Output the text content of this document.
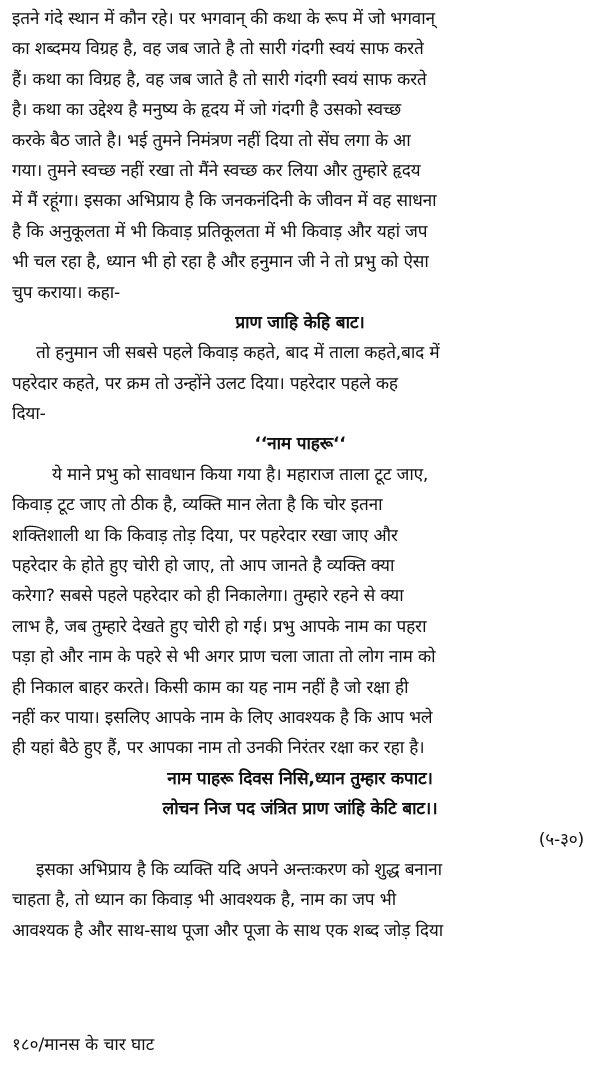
इतने गंदे स्थान में कौन रहे। पर भगवान् की कथा के रूप में जो भगवान्
का शब्दमय विग्रह है, वह जब जाते है तो सारी गंदगी स्वयं साफ करते
हैं। कथा का विग्रह है, वह जब जाते है तो सारी गंदगी स्वयं साफ करते
है। कथा का उद्देश्य है मनुष्य के हृदय में जो गंदगी है उसको स्वच्छ
करके बैठ जाते है। भई तुमने निमंत्रण नहीं दिया तो सेंघ लगा के आ
गया। तुमने स्वच्छ नहीं रखा तो मैंने स्वच्छ कर लिया और तुम्हारे हृदय
में मैं रहूंगा। इसका अभिप्राय है कि जनकनंदिनी के जीवन में वह साधना
है कि अनुकूलता में भी किवाड़ प्रतिकूलता में भी किवाड़ और यहां जप
भी चल रहा है, ध्यान भी हो रहा है और हनुमान जी ने तो प्रभु को ऐसा
चुप कराया। कहा-
प्राण जाहि केहि बाट।
तो हनुमान जी सबसे पहले किवाड़ कहते, बाद में ताला कहते,बाद में
पहरेदार कहते, पर क्रम तो उन्होंने उलट दिया। पहरेदार पहले कह
दिया-
‘‘नाम पाहरू‘‘
ये माने प्रभु को सावधान किया गया है। महाराज ताला टूट जाए,
किवाड़ टूट जाए तो ठीक है, व्यक्ति मान लेता है कि चोर इतना
शक्तिशाली था कि किवाड़ तोड़ दिया, पर पहरेदार रखा जाए और
पहरेदार के होते हुए चोरी हो जाए, तो आप जानते है व्यक्ति क्या
करेगा? सबसे पहले पहरेदार को ही निकालेगा। तुम्हारे रहने से क्या
लाभ है, जब तुम्हारे देखते हुए चोरी हो गई। प्रभु आपके नाम का पहरा
पड़ा हो और नाम के पहरे से भी अगर प्राण चला जाता तो लोग नाम को
ही निकाल बाहर करते। किसी काम का यह नाम नहीं है जो रक्षा ही
नहीं कर पाया। इसलिए आपके नाम के लिए आवश्यक है कि आप भले
ही यहां बैठे हुए हैं, पर आपका नाम तो उनकी निरंतर रक्षा कर रहा है।
नाम पाहरू दिवस निसि,ध्यान तुम्हार कपाट।
लोचन निज पद जंत्रित प्राण जांहि केटि बाट।।
(५-३०)
इसका अभिप्राय है कि व्यक्ति यदि अपने अन्तःकरण को शुद्ध बनाना
चाहता है, तो ध्यान का किवाड़ भी आवश्यक है, नाम का जप भी
आवश्यक है और साथ-साथ पूजा और पूजा के साथ एक शब्द जोड़ दिया
१८०/मानस के चार घाट
